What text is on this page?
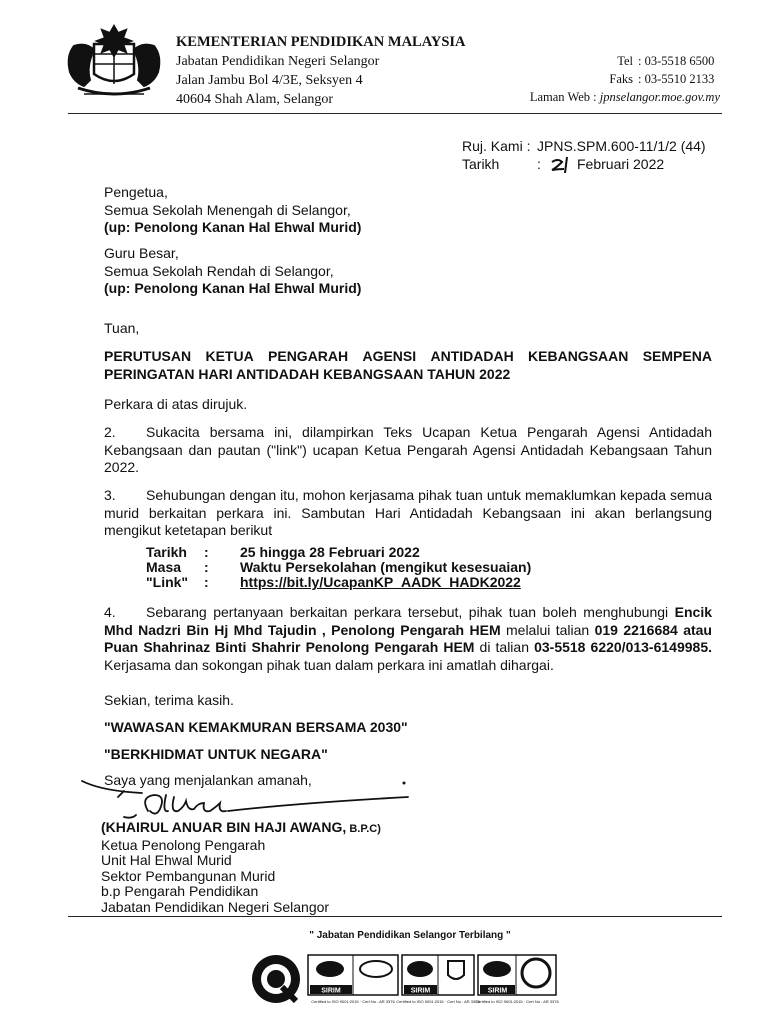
KEMENTERIAN PENDIDIKAN MALAYSIA
Jabatan Pendidikan Negeri Selangor
Jalan Jambu Bol 4/3E, Seksyen 4
40604 Shah Alam, Selangor
Tel : 03-5518 6500
Faks : 03-5510 2133
Laman Web :
jpnselangor.moe.gov.my
Ruj. Kami : JPNS.SPM.600-11/1/2 (44)
Tarikh	:	Februari 2022
Pengetua,
Semua Sekolah Menengah di Selangor,
(up: Penolong Kanan Hal Ehwal Murid)
Guru Besar,
Semua Sekolah Rendah di Selangor,
(up: Penolong Kanan Hal Ehwal Murid)
Tuan,
PERUTUSAN KETUA PENGARAH AGENSI ANTIDADAH KEBANGSAAN SEMPENA
PERINGATAN HARI ANTIDADAH KEBANGSAAN TAHUN 2022
Perkara di atas dirujuk.
2. Sukacita bersama ini, dilampirkan Teks Ucapan Ketua Pengarah Agensi Antidadah Kebangsaan dan pautan ("link") ucapan Ketua Pengarah Agensi Antidadah Kebangsaan Tahun 2022.
3. Sehubungan dengan itu, mohon kerjasama pihak tuan untuk memaklumkan kepada semua murid berkaitan perkara ini. Sambutan Hari Antidadah Kebangsaan ini akan berlangsung mengikut ketetapan berikut
Tarikh	:	25 hingga 28 Februari 2022
Masa	:	Waktu Persekolahan (mengikut kesesuaian)
"Link"	:	https://bit.ly/UcapanKP_AADK_HADK2022
4. Sebarang pertanyaan berkaitan perkara tersebut, pihak tuan boleh menghubungi Encik Mhd Nadzri Bin Hj Mhd Tajudin , Penolong Pengarah HEM melalui talian 019 2216684 atau Puan Shahrinaz Binti Shahrir Penolong Pengarah HEM di talian 03-5518 6220/013-6149985. Kerjasama dan sokongan pihak tuan dalam perkara ini amatlah dihargai.
Sekian, terima kasih.
"WAWASAN KEMAKMURAN BERSAMA 2030"
"BERKHIDMAT UNTUK NEGARA"
Saya yang menjalankan amanah,
(KHAIRUL ANUAR BIN HAJI AWANG, B.P.C)
Ketua Penolong Pengarah
Unit Hal Ehwal Murid
Sektor Pembangunan Murid
b.p Pengarah Pendidikan
Jabatan Pendidikan Negeri Selangor
" Jabatan Pendidikan Selangor Terbilang "
SIRIM
Certified to ISO 9001:2015 · Cert No : AR 3376
SIRIM
Certified to ISO 9001:2015 · Cert No : AR 3376
SIRIM
Certified to ISO 9001:2015 · Cert No : AR 3376
